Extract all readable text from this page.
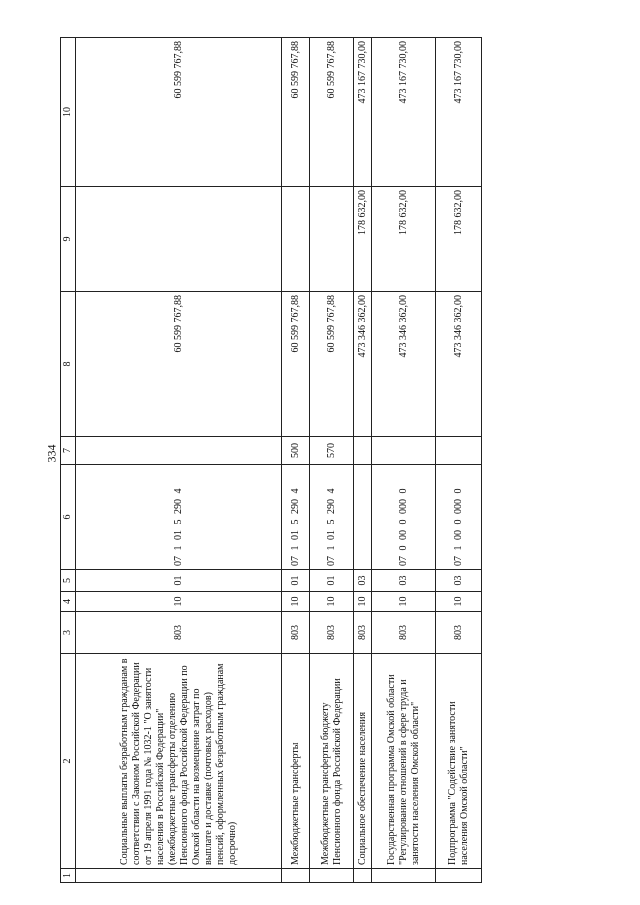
334
1	2	3	4	5	6	7	8	9	10
	Социальные выплаты безработным гражданам в соответствии с Законом Российской Федерации от 19 апреля 1991 года № 1032-1 "О занятости населения в Российской Федерации" (межбюджетные трансферты отделению Пенсионного фонда Российской Федерации по Омской области на возмещение затрат по выплате и доставке (почтовых расходов) пенсий, оформленных безработным гражданам досрочно)	803	10	01	07 1 01 5 290 4		60 599 767,88		60 599 767,88
	Межбюджетные трансферты	803	10	01	07 1 01 5 290 4	500	60 599 767,88		60 599 767,88
	Межбюджетные трансферты бюджету Пенсионного фонда Российской Федерации	803	10	01	07 1 01 5 290 4	570	60 599 767,88		60 599 767,88
	Социальное обеспечение населения	803	10	03			473 346 362,00	178 632,00	473 167 730,00
	Государственная программа Омской области "Регулирование отношений в сфере труда и занятости населения Омской области"	803	10	03	07 0 00 0 000 0		473 346 362,00	178 632,00	473 167 730,00
	Подпрограмма "Содействие занятости населения Омской области"	803	10	03	07 1 00 0 000 0		473 346 362,00	178 632,00	473 167 730,00
